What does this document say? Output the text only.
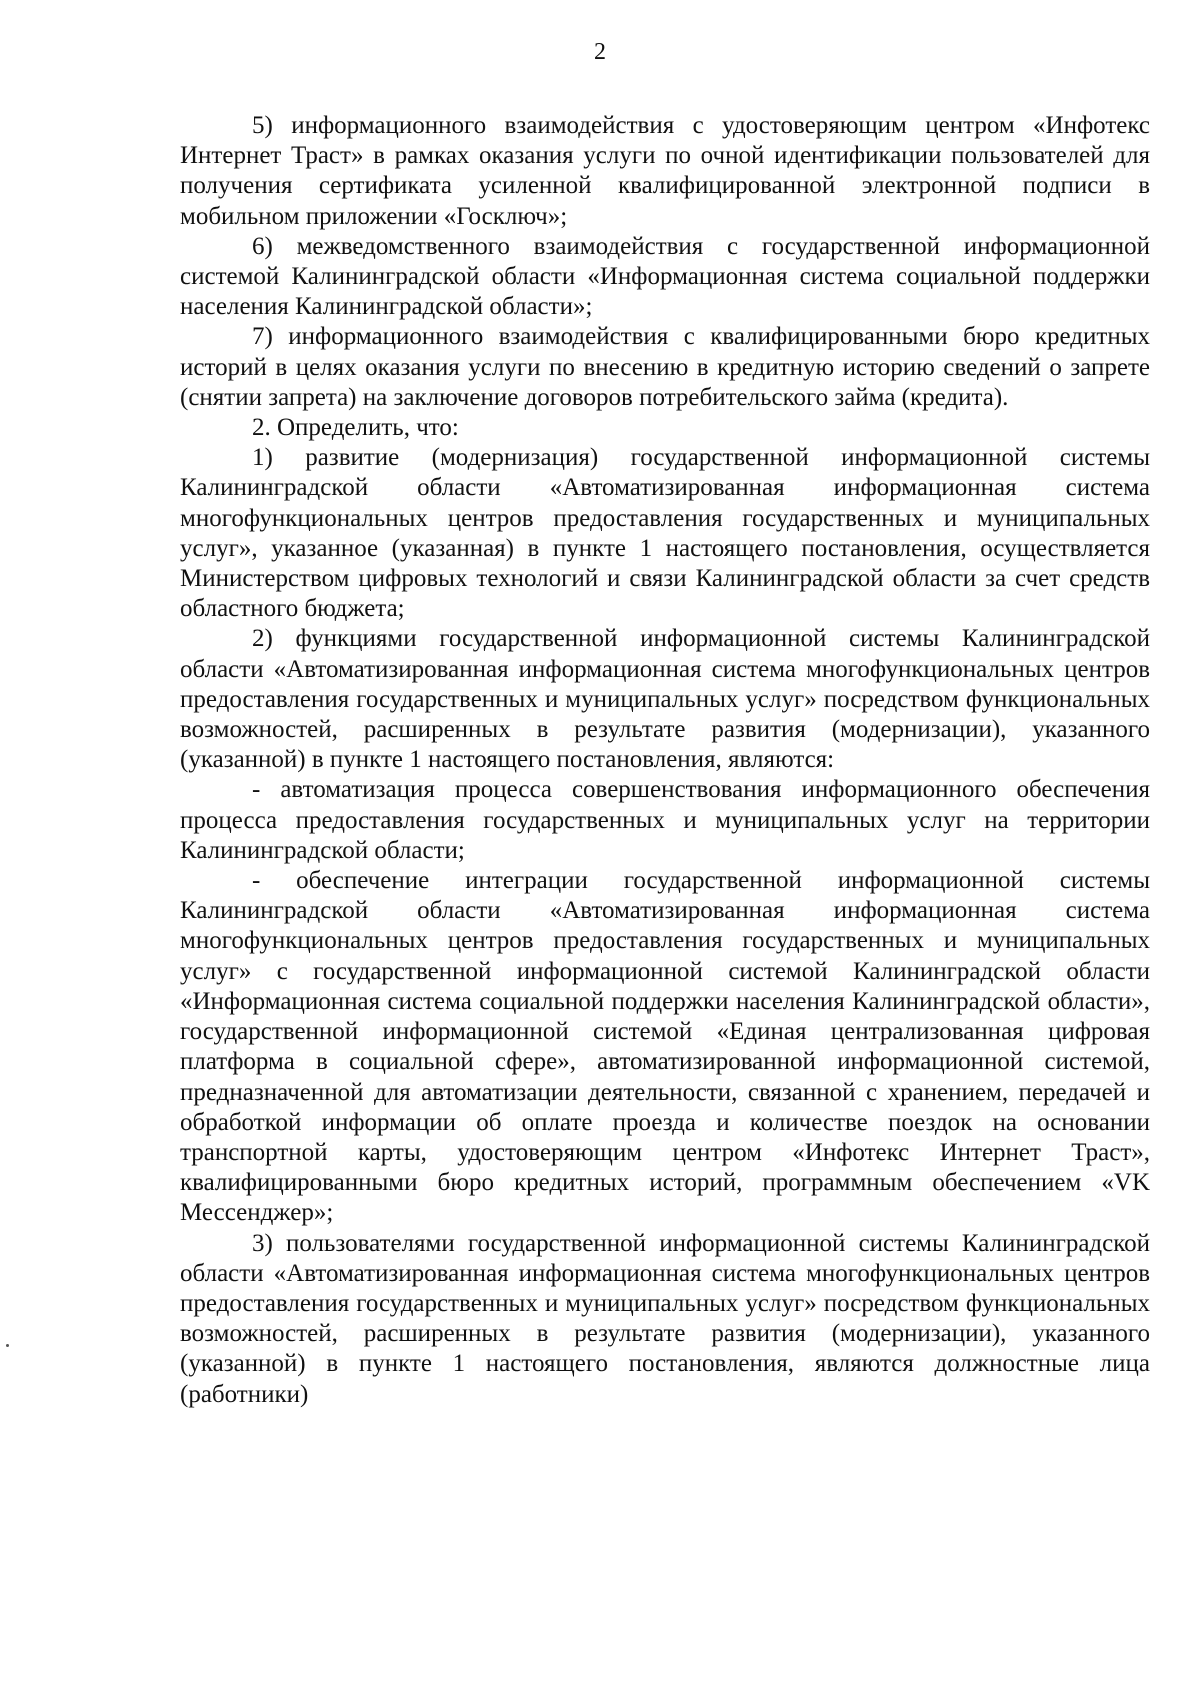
2

5) информационного взаимодействия с удостоверяющим центром «Инфотекс Интернет Траст» в рамках оказания услуги по очной идентификации пользователей для получения сертификата усиленной квалифицированной электронной подписи в мобильном приложении «Госключ»;

6) межведомственного взаимодействия с государственной информационной системой Калининградской области «Информационная система социальной поддержки населения Калининградской области»;

7) информационного взаимодействия с квалифицированными бюро кредитных историй в целях оказания услуги по внесению в кредитную историю сведений о запрете (снятии запрета) на заключение договоров потребительского займа (кредита).

2. Определить, что:

1) развитие (модернизация) государственной информационной системы Калининградской области «Автоматизированная информационная система многофункциональных центров предоставления государственных и муниципальных услуг», указанное (указанная) в пункте 1 настоящего постановления, осуществляется Министерством цифровых технологий и связи Калининградской области за счет средств областного бюджета;

2) функциями государственной информационной системы Калининградской области «Автоматизированная информационная система многофункциональных центров предоставления государственных и муниципальных услуг» посредством функциональных возможностей, расширенных в результате развития (модернизации), указанного (указанной) в пункте 1 настоящего постановления, являются:

- автоматизация процесса совершенствования информационного обеспечения процесса предоставления государственных и муниципальных услуг на территории Калининградской области;

- обеспечение интеграции государственной информационной системы Калининградской области «Автоматизированная информационная система многофункциональных центров предоставления государственных и муниципальных услуг» с государственной информационной системой Калининградской области «Информационная система социальной поддержки населения Калининградской области», государственной информационной системой «Единая централизованная цифровая платформа в социальной сфере», автоматизированной информационной системой, предназначенной для автоматизации деятельности, связанной с хранением, передачей и обработкой информации об оплате проезда и количестве поездок на основании транспортной карты, удостоверяющим центром «Инфотекс Интернет Траст», квалифицированными бюро кредитных историй, программным обеспечением «VK Мессенджер»;

3) пользователями государственной информационной системы Калининградской области «Автоматизированная информационная система многофункциональных центров предоставления государственных и муниципальных услуг» посредством функциональных возможностей, расширенных в результате развития (модернизации), указанного (указанной) в пункте 1 настоящего постановления, являются должностные лица (работники)
